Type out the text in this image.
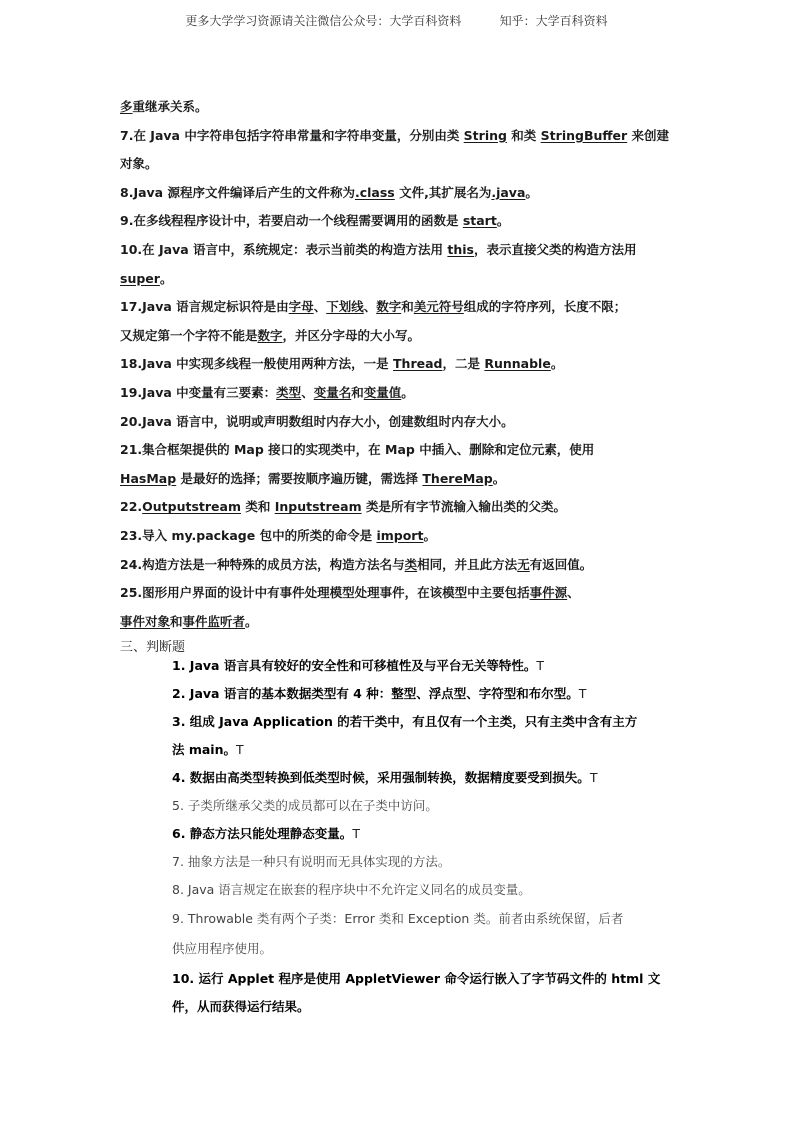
更多大学学习资源请关注微信公众号：大学百科资料	知乎：大学百科资料

多重继承关系。

7.在 Java 中字符串包括字符串常量和字符串变量，分别由类 String 和类 StringBuffer 来创建

对象。

8.Java 源程序文件编译后产生的文件称为.class 文件,其扩展名为.java。

9.在多线程程序设计中，若要启动一个线程需要调用的函数是 start。

10.在 Java 语言中，系统规定：表示当前类的构造方法用 this，表示直接父类的构造方法用

super。

17.Java 语言规定标识符是由字母、下划线、数字和美元符号组成的字符序列，长度不限；

又规定第一个字符不能是数字，并区分字母的大小写。

18.Java 中实现多线程一般使用两种方法，一是 Thread，二是 Runnable。

19.Java 中变量有三要素：类型、变量名和变量值。

20.Java 语言中，说明或声明数组时内存大小，创建数组时内存大小。

21.集合框架提供的 Map 接口的实现类中，在 Map 中插入、删除和定位元素，使用

HasMap 是最好的选择；需要按顺序遍历键，需选择 ThereMap。

22.Outputstream 类和 Inputstream 类是所有字节流输入输出类的父类。

23.导入 my.package 包中的所类的命令是 import。

24.构造方法是一种特殊的成员方法，构造方法名与类相同，并且此方法无有返回值。

25.图形用户界面的设计中有事件处理模型处理事件，在该模型中主要包括事件源、

事件对象和事件监听者。

三、判断题

1. Java 语言具有较好的安全性和可移植性及与平台无关等特性。T

2. Java 语言的基本数据类型有 4 种：整型、浮点型、字符型和布尔型。T

3. 组成 Java Application 的若干类中，有且仅有一个主类，只有主类中含有主方

法 main。T

4. 数据由高类型转换到低类型时候，采用强制转换，数据精度要受到损失。T

5. 子类所继承父类的成员都可以在子类中访问。

6. 静态方法只能处理静态变量。T

7. 抽象方法是一种只有说明而无具体实现的方法。

8. Java 语言规定在嵌套的程序块中不允许定义同名的成员变量。

9. Throwable 类有两个子类：Error 类和 Exception 类。前者由系统保留，后者

供应用程序使用。

10. 运行 Applet 程序是使用 AppletViewer 命令运行嵌入了字节码文件的 html 文

件，从而获得运行结果。
